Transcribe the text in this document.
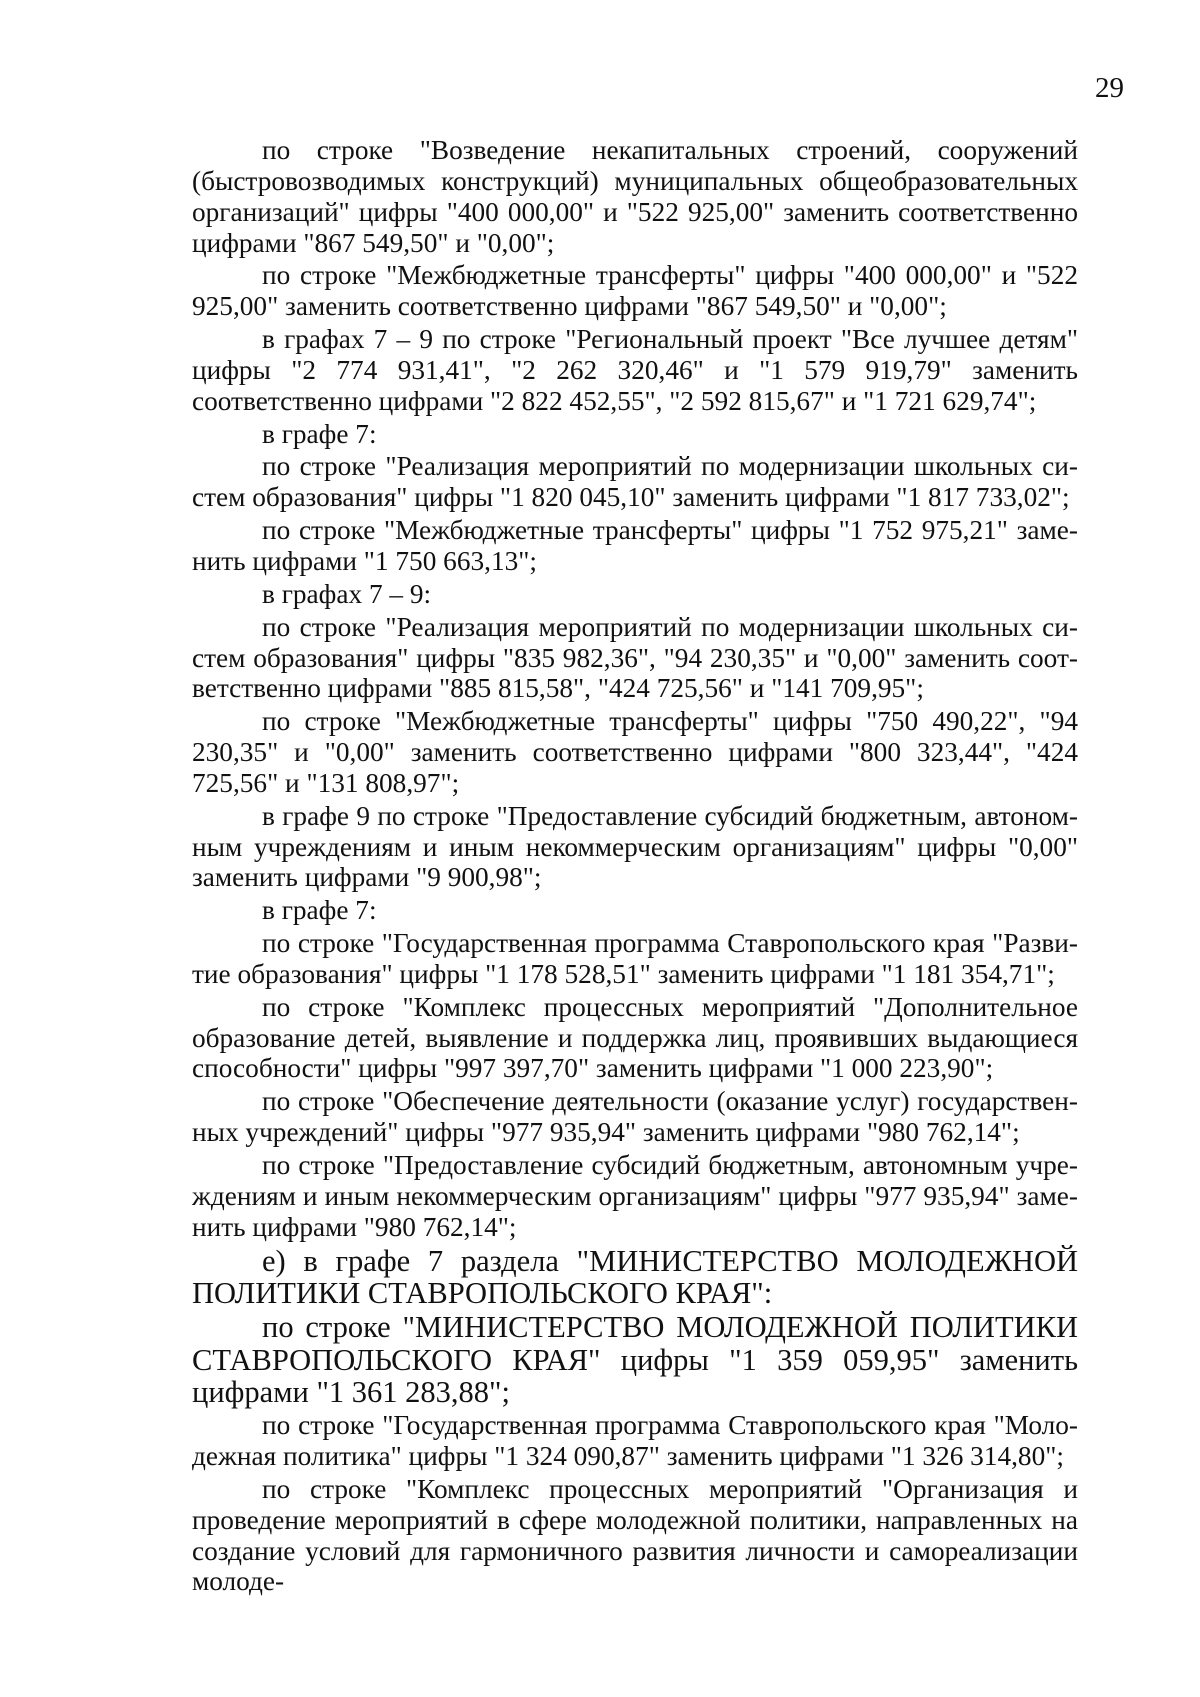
29

по строке "Возведение некапитальных строений, сооружений (быстровозводимых конструкций) муниципальных общеобразовательных организаций" цифры "400 000,00" и "522 925,00" заменить соответственно цифрами "867 549,50" и "0,00";

по строке "Межбюджетные трансферты" цифры "400 000,00" и "522 925,00" заменить соответственно цифрами "867 549,50" и "0,00";

в графах 7 – 9 по строке "Региональный проект "Все лучшее детям" цифры "2 774 931,41", "2 262 320,46" и "1 579 919,79" заменить соответственно цифрами "2 822 452,55", "2 592 815,67" и "1 721 629,74";

в графе 7:

по строке "Реализация мероприятий по модернизации школьных систем образования" цифры "1 820 045,10" заменить цифрами "1 817 733,02";

по строке "Межбюджетные трансферты" цифры "1 752 975,21" заменить цифрами "1 750 663,13";

в графах 7 – 9:

по строке "Реализация мероприятий по модернизации школьных систем образования" цифры "835 982,36", "94 230,35" и "0,00" заменить соответственно цифрами "885 815,58", "424 725,56" и "141 709,95";

по строке "Межбюджетные трансферты" цифры "750 490,22", "94 230,35" и "0,00" заменить соответственно цифрами "800 323,44", "424 725,56" и "131 808,97";

в графе 9 по строке "Предоставление субсидий бюджетным, автономным учреждениям и иным некоммерческим организациям" цифры "0,00" заменить цифрами "9 900,98";

в графе 7:

по строке "Государственная программа Ставропольского края "Развитие образования" цифры "1 178 528,51" заменить цифрами "1 181 354,71";

по строке "Комплекс процессных мероприятий "Дополнительное образование детей, выявление и поддержка лиц, проявивших выдающиеся способности" цифры "997 397,70" заменить цифрами "1 000 223,90";

по строке "Обеспечение деятельности (оказание услуг) государственных учреждений" цифры "977 935,94" заменить цифрами "980 762,14";

по строке "Предоставление субсидий бюджетным, автономным учреждениям и иным некоммерческим организациям" цифры "977 935,94" заменить цифрами "980 762,14";

е) в графе 7 раздела "МИНИСТЕРСТВО МОЛОДЕЖНОЙ ПОЛИТИКИ СТАВРОПОЛЬСКОГО КРАЯ":

по строке "МИНИСТЕРСТВО МОЛОДЕЖНОЙ ПОЛИТИКИ СТАВРОПОЛЬСКОГО КРАЯ" цифры "1 359 059,95" заменить цифрами "1 361 283,88";

по строке "Государственная программа Ставропольского края "Молодежная политика" цифры "1 324 090,87" заменить цифрами "1 326 314,80";

по строке "Комплекс процессных мероприятий "Организация и проведение мероприятий в сфере молодежной политики, направленных на создание условий для гармоничного развития личности и самореализации молоде-
